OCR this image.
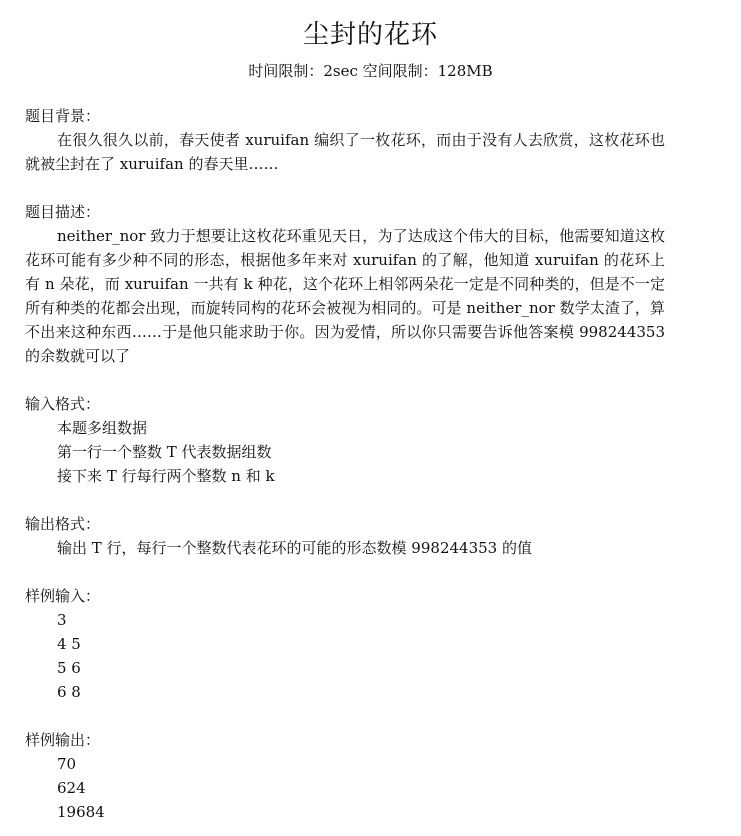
尘封的花环
时间限制：2sec 空间限制：128MB

题目背景：

在很久很久以前，春天使者 xuruifan 编织了一枚花环，而由于没有人去欣赏，这枚花环也就被尘封在了 xuruifan 的春天里……

题目描述：

neither_nor 致力于想要让这枚花环重见天日，为了达成这个伟大的目标，他需要知道这枚花环可能有多少种不同的形态，根据他多年来对 xuruifan 的了解，他知道 xuruifan 的花环上有 n 朵花，而 xuruifan 一共有 k 种花，这个花环上相邻两朵花一定是不同种类的，但是不一定所有种类的花都会出现，而旋转同构的花环会被视为相同的。可是 neither_nor 数学太渣了，算不出来这种东西……于是他只能求助于你。因为爱情，所以你只需要告诉他答案模 998244353 的余数就可以了

输入格式：

本题多组数据

第一行一个整数 T 代表数据组数

接下来 T 行每行两个整数 n 和 k

输出格式：

输出 T 行，每行一个整数代表花环的可能的形态数模 998244353 的值

样例输入：

3

4 5

5 6

6 8

样例输出：

70

624

19684
